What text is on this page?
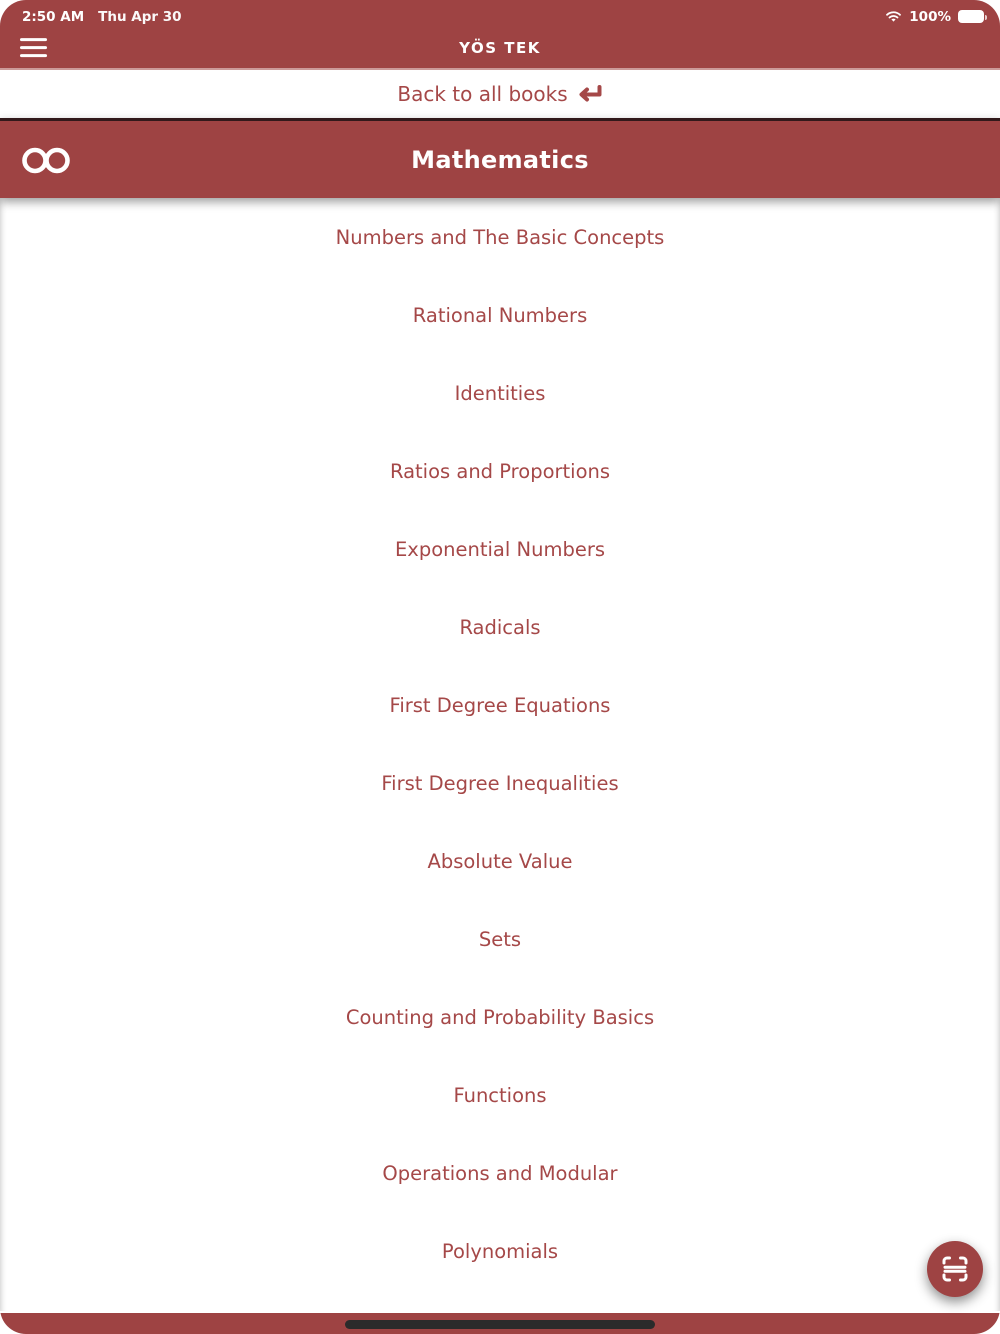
2:50 AM Thu Apr 30	100%
YÖS TEK
Back to all books
Mathematics
Numbers and The Basic Concepts
Rational Numbers
Identities
Ratios and Proportions
Exponential Numbers
Radicals
First Degree Equations
First Degree Inequalities
Absolute Value
Sets
Counting and Probability Basics
Functions
Operations and Modular
Polynomials
